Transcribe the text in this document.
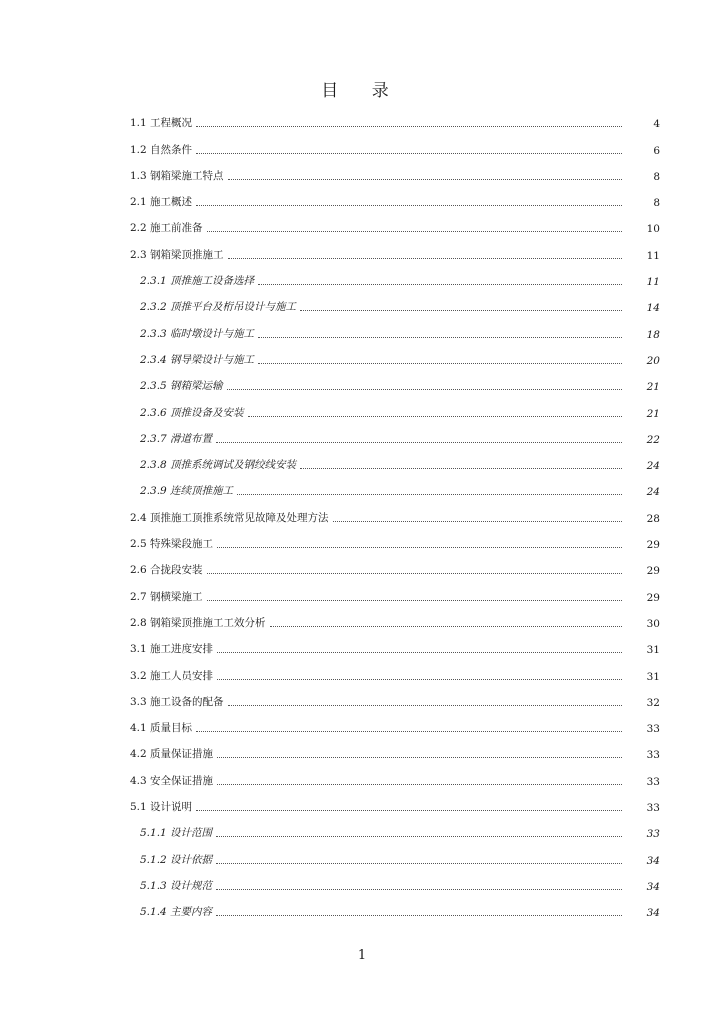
目 录
1.1 工程概况	4
1.2 自然条件	6
1.3 钢箱梁施工特点	8
2.1 施工概述	8
2.2 施工前准备	10
2.3 钢箱梁顶推施工	11
2.3.1 顶推施工设备选择	11
2.3.2 顶推平台及桁吊设计与施工	14
2.3.3 临时墩设计与施工	18
2.3.4 钢导梁设计与施工	20
2.3.5 钢箱梁运输	21
2.3.6 顶推设备及安装	21
2.3.7 滑道布置	22
2.3.8 顶推系统调试及钢绞线安装	24
2.3.9 连续顶推施工	24
2.4 顶推施工顶推系统常见故障及处理方法	28
2.5 特殊梁段施工	29
2.6 合拢段安装	29
2.7 钢横梁施工	29
2.8 钢箱梁顶推施工工效分析	30
3.1 施工进度安排	31
3.2 施工人员安排	31
3.3 施工设备的配备	32
4.1 质量目标	33
4.2 质量保证措施	33
4.3 安全保证措施	33
5.1 设计说明	33
5.1.1 设计范围	33
5.1.2 设计依据	34
5.1.3 设计规范	34
5.1.4 主要内容	34
1
